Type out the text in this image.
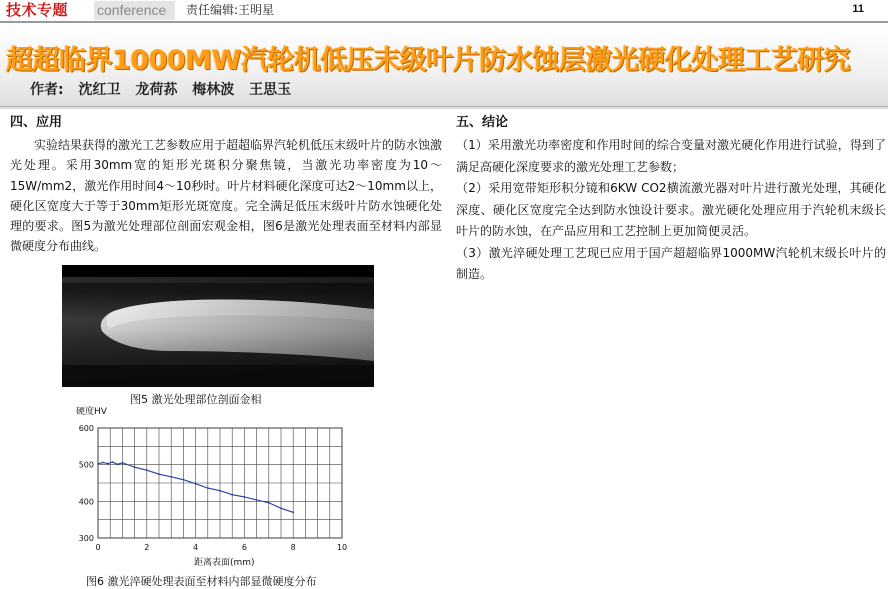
技术专题 conference	责任编辑:王明星	11
超超临界1000MW汽轮机低压末级叶片防水蚀层激光硬化处理工艺研究
作者: 沈红卫 龙荷荪 梅林波 王思玉
四、应用

实验结果获得的激光工艺参数应用于超超临界汽轮机低压末级叶片的防水蚀激光处理。采用30mm宽的矩形光斑积分聚焦镜，当激光功率密度为10～15W/mm2，激光作用时间4～10秒时。叶片材料硬化深度可达2～10mm以上，硬化区宽度大于等于30mm矩形光斑宽度。完全满足低压末级叶片防水蚀硬化处理的要求。图5为激光处理部位剖面宏观金相，图6是激光处理表面至材料内部显微硬度分布曲线。

图5 激光处理部位剖面金相
0	2	4	6	8	10
300
400
500
600
硬度HV
距离表面(mm)
图6 激光淬硬处理表面至材料内部显微硬度分布
五、结论

（1）采用激光功率密度和作用时间的综合变量对激光硬化作用进行试验，得到了满足高硬化深度要求的激光处理工艺参数；

（2）采用宽带矩形积分镜和6KW CO2横流激光器对叶片进行激光处理，其硬化深度、硬化区宽度完全达到防水蚀设计要求。激光硬化处理应用于汽轮机末级长叶片的防水蚀，在产品应用和工艺控制上更加简便灵活。

（3）激光淬硬处理工艺现已应用于国产超超临界1000MW汽轮机末级长叶片的制造。
